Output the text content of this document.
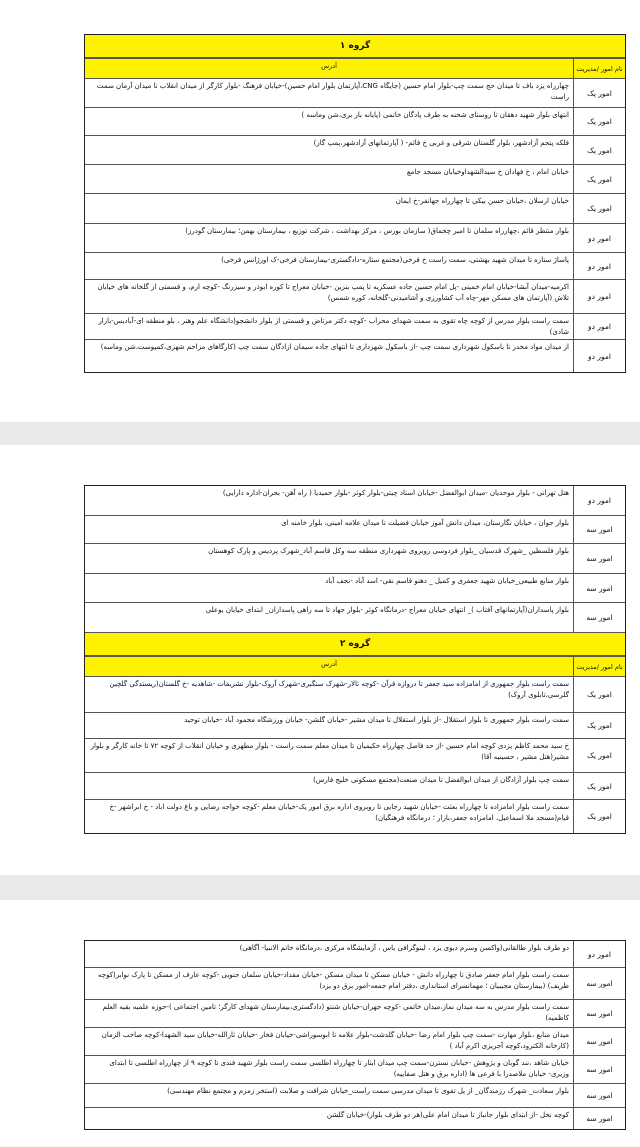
گروه ۱
نام امور /مدیریت
آدرس
امور یک
چهارراه یزد باف تا میدان حج سمت چپ-بلوار امام حسین (جایگاه CNG،آپارتمان بلوار امام حسین)-خیابان فرهنگ -بلوار کارگر از میدان انقلاب تا میدان آرمان سمت راست
امور یک
انتهای بلوار شهید دهقان تا روستای شحنه به طرف پادگان خاتمی (پایانه بار بری،شن وماسه )
امور یک
فلکه پنجم آزادشهر، بلوار گلستان شرقی و غربی خ قائم- ( آپارتمانهای آزادشهر،پمپ گاز)
امور یک
خیابان امام ، خ فهادان خ سیدالشهداوخیابان مسجد جامع
امور یک
خیابان ارسلان ،خیابان حسن بیکی تا چهارراه جهانفر-خ ایمان
امور دو
بلوار منتظر قائم ،چهارراه سلمان تا امیر چخماق( سازمان بورس ، مرکز بهداشت ، شرکت توزیع ، بیمارستان بهمن؛ بیمارستان گودرز)
امور دو
پاساژ ستاره تا میدان شهید بهشتی، سمت راست خ فرخی(مجتمع ستاره-دادگستری-بیمارستان فرخی-ک اورژانس فرخی)
امور دو
اکرمیه-میدان آبشا-خیابان امام خمینی -پل امام حسین جاده عسکریه تا پمپ بنزین -خیابان معراج تا کوره ابوذر و سیزرنگ -کوچه ارم، و قسمتی از گلخانه های خیابان تلاش (آپارتمان های مسکن مهر-چاه آب کشاورزی و آشامیدنی-گلخانه، کوره شمس)
امور دو
سمت راست بلوار مدرس از کوچه چاه تقوی به سمت شهدای محراب -کوچه دکتر مرتاض و قسمتی از بلوار دانشجو(دانشگاه علم وهنر ، بلو منطقه ای-آبادیس-بازار شادی)
امور دو
از میدان مواد مخدر تا باسکول شهرداری سمت چپ -از باسکول شهرداری تا انتهای جاده سیمان ازادگان سمت چپ (کارگاهای مزاحم شهری،کمپوست،شن وماسه)
امور دو
هتل تهرانی - بلوار موحدیان -میدان ابوالفضل -خیابان استاد چیتی-بلوار کوثر -بلوار حمیدیا ( راه آهن- بحران-اداره دارایی)
امور سه
بلوار جوان ، خیابان نگارستان، میدان دانش آموز خیابان فضیلت تا میدان علامه امینی، بلوار خامنه ای
امور سه
بلوار فلسطین _شهرک قدسیان _بلوار فردوسی روبروی شهرداری منطقه سه وکل قاسم آباد_شهرک پردیس و پارک کوهستان
امور سه
بلوار منابع طبیعی_خیابان شهید جعفری و کمیل _ دهنو قاسم نقی- اسد آباد -نجف آباد
امور سه
بلوار پاسداران(آپارتمانهای آفتاب )_ انتهای خیابان معراج -درمانگاه کوثر -بلوار جهاد تا سه راهی پاسداران_ ابتدای خیابان یوعلی
گروه ۲
نام امور /مدیریت
آدرس
امور یک
سمت راست بلوار جمهوری از امامزاده سید جعفر تا دروازه قرآن -کوچه تالار-شهرک سنگبری-شهرک آروک-بلوار تشریفات -شاهدیه -خ گلستان(ریستدگی گلچین گلرسی،تابلوی آروک)
امور یک
سمت راست بلوار جمهوری تا بلوار استقلال -از بلوار استقلال تا میدان مشیر -خیابان گلشن- خیابان ورزشگاه محمود آباد -خیابان توحید
امور یک
خ سید محمد کاظم یزدی کوچه امام حسین -از حد فاصل چهارراه حکیمیان تا میدان معلم سمت راست - بلوار مطهری و خیابان انقلاب از کوچه ۷۲ تا خانه کارگر و بلوار مشیر(هتل مشیر ، حسینیه آقا)
امور یک
سمت چپ بلوار آزادگان از میدان ابوالفضل تا میدان صنعت(مجتمع مسکونی خلیج فارس)
امور یک
سمت راست بلوار امامزاده تا چهارراه بعثت -خیابان شهید رجایی تا روبروی اداره برق امور یک-خیابان معلم -کوچه خواجه رضایی و باغ دولت اباد - خ ابراشهر -خ قیام(مسجد ملا اسماعیل، امامزاده جعفر،بازار ؛ درمانگاه فرهنگیان)
امور دو
دو طرف بلوار طالقانی(واکسن وسرم دیوی یزد ، لینوگرافی باس ، آزمایشگاه مرکزی ،درمانگاه خاتم الانبیا- آگاهی)
امور سه
سمت راست بلوار امام جعفر صادق تا چهارراه دانش - خیابان مسکن تا میدان مسکن -خیابان مقداد-خیابان سلمان جنوبی -کوچه عارف از مسکن تا پارک نوابر(کوچه ظریف) (بیمارستان مجیبیان ؛ مهمانسرای استانداری ،دفتر امام جمعه-امور برق دو یزد)
امور سه
سمت راست بلوار مدرس به سه میدان نماز،میدان خاتمی -کوچه جهران-خیابان شنتو (دادگستری،بیمارستان شهدای کارگر؛ تامین اجتماعی )-حوزه علمیه بقیه العلم کاظمیه)
امور سه
میدان منابع ،بلوار مهارت -سمت چپ بلوار امام رضا -خیابان گلدشت-بلوار علامه تا ابوسوراشی-خیابان فخار -خیابان ثارالله-خیابان سید الشهدا-کوچه صاحب الزمان (کارخانه الکترود،کوچه آجریزی اکرم آباد )
امور سه
خیابان شاهد ،نند گوبان و پژوهش -خیابان نسترن-سمت چپ میدان ایثار تا چهارراه اطلسی سمت راست بلوار شهید فندی تا کوچه ۹ از چهارراه اطلسی تا ابتدای وزیری- خیابان ملاصدرا با فرعی ها (اداره برق و هتل صفاییه)
امور سه
بلوار سعادت_ شهرک رزمندگان_ از پل تقوی تا میدان مدرسی سمت راست_خیابان شرافت و صلابت (استخر زمزم و مجتمع نظام مهندسی)
امور سه
کوچه نخل -از ابتدای بلوار جانباز تا میدان امام علی(هر دو طرف بلوار)-خیابان گلشن
